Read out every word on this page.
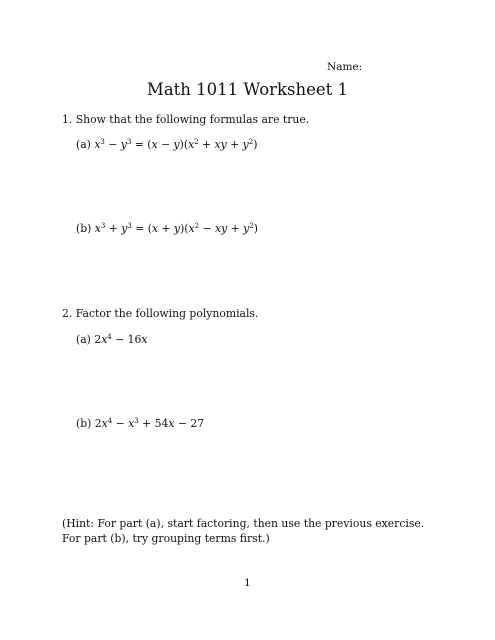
Name:
Math 1011 Worksheet 1
1. Show that the following formulas are true.
(a) $x^3 - y^3 = (x - y)(x^2$ + xy + $y^2$)
(b) $x^3 + y^3 = (x + y)(x^2$ − xy + $y^2$)
2. Factor the following polynomials.
(a) $2x^4 - 16x$
(b) $2x^4 - x^3 + 54x - 27$
(Hint: For part (a), start factoring, then use the previous exercise. For part (b), try grouping terms first.)
1
